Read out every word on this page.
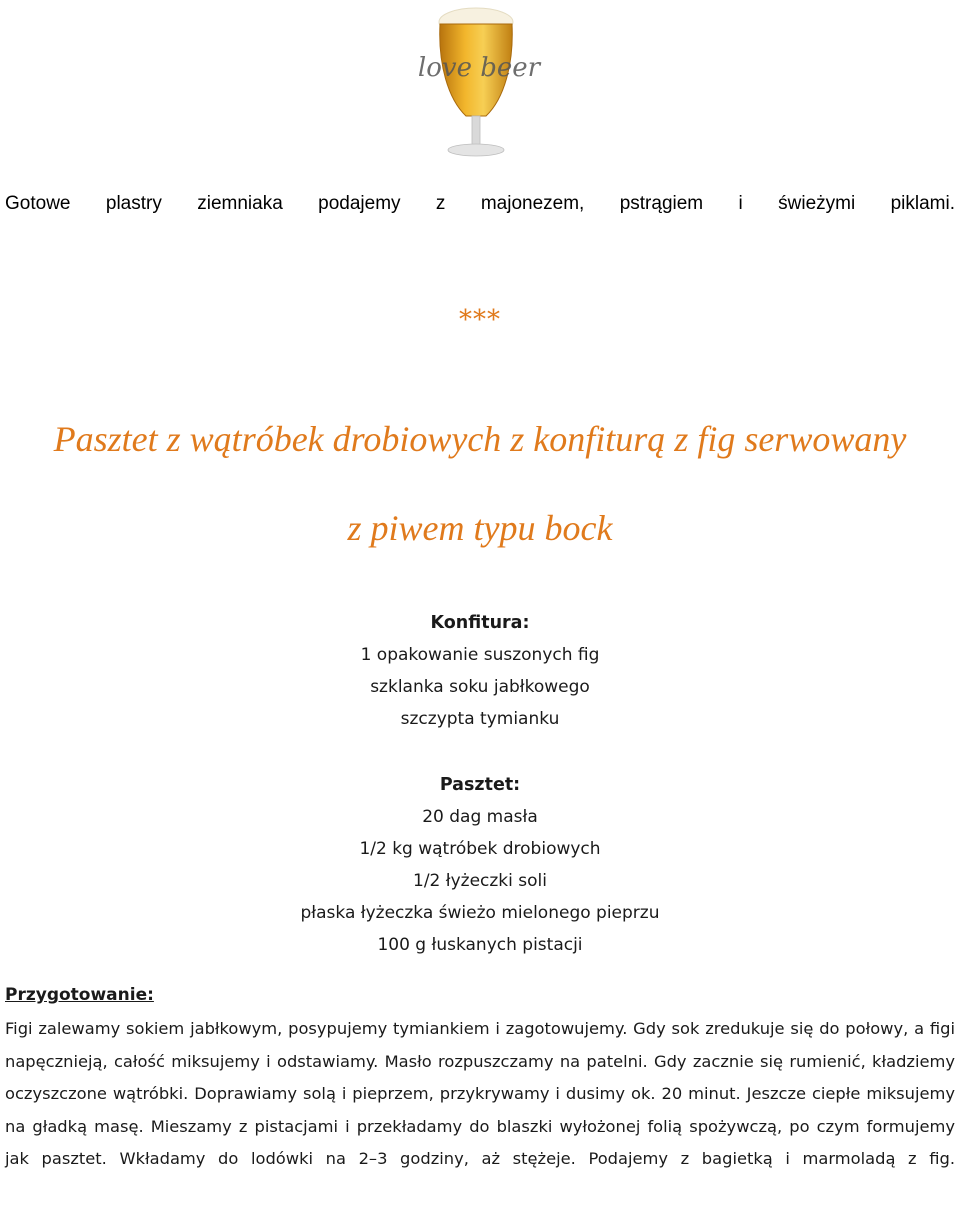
love beer
Gotowe plastry ziemniaka podajemy z majonezem, pstrągiem i świeżymi piklami.
***
Pasztet z wątróbek drobiowych z konfiturą z fig serwowany
z piwem typu bock
Konfitura:
1 opakowanie suszonych fig
szklanka soku jabłkowego
szczypta tymianku
Pasztet:
20 dag masła
1/2 kg wątróbek drobiowych
1/2 łyżeczki soli
płaska łyżeczka świeżo mielonego pieprzu
100 g łuskanych pistacji
Przygotowanie:
Figi zalewamy sokiem jabłkowym, posypujemy tymiankiem i zagotowujemy. Gdy sok zredukuje się do połowy, a figi napęcznieją, całość miksujemy i odstawiamy. Masło rozpuszczamy na patelni. Gdy zacznie się rumienić, kładziemy oczyszczone wątróbki. Doprawiamy solą i pieprzem, przykrywamy i dusimy ok. 20 minut. Jeszcze ciepłe miksujemy na gładką masę. Mieszamy z pistacjami i przekładamy do blaszki wyłożonej folią spożywczą, po czym formujemy jak pasztet. Wkładamy do lodówki na 2–3 godziny, aż stężeje. Podajemy z bagietką i marmoladą z fig.
